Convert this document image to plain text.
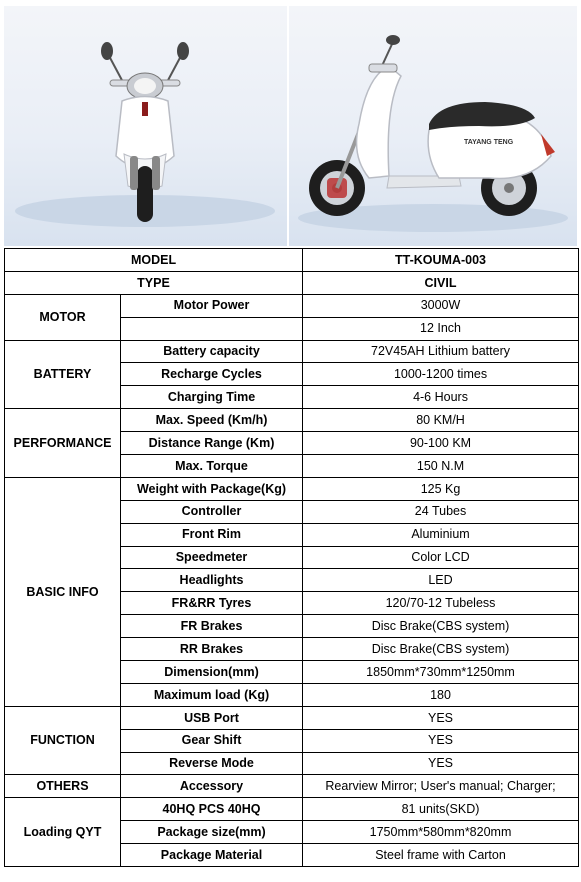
TAYANG TENG
MODEL		TT-KOUMA-003
TYPE		CIVIL
MOTOR	Motor Power	3000W
		12 Inch
BATTERY	Battery capacity	72V45AH Lithium battery
	Recharge Cycles	1000-1200 times
	Charging Time	4-6 Hours
PERFORMANCE	Max. Speed (Km/h)	80 KM/H
	Distance Range (Km)	90-100 KM
	Max. Torque	150 N.M
BASIC INFO	Weight with Package(Kg)	125 Kg
	Controller	24 Tubes
	Front Rim	Aluminium
	Speedmeter	Color LCD
	Headlights	LED
	FR&RR Tyres	120/70-12 Tubeless
	FR Brakes	Disc Brake(CBS system)
	RR Brakes	Disc Brake(CBS system)
	Dimension(mm)	1850mm*730mm*1250mm
	Maximum load (Kg)	180
FUNCTION	USB Port	YES
	Gear Shift	YES
	Reverse Mode	YES
OTHERS	Accessory	Rearview Mirror; User's manual; Charger;
Loading QYT	40HQ PCS 40HQ	81 units(SKD)
	Package size(mm)	1750mm*580mm*820mm
	Package Material	Steel frame with Carton
